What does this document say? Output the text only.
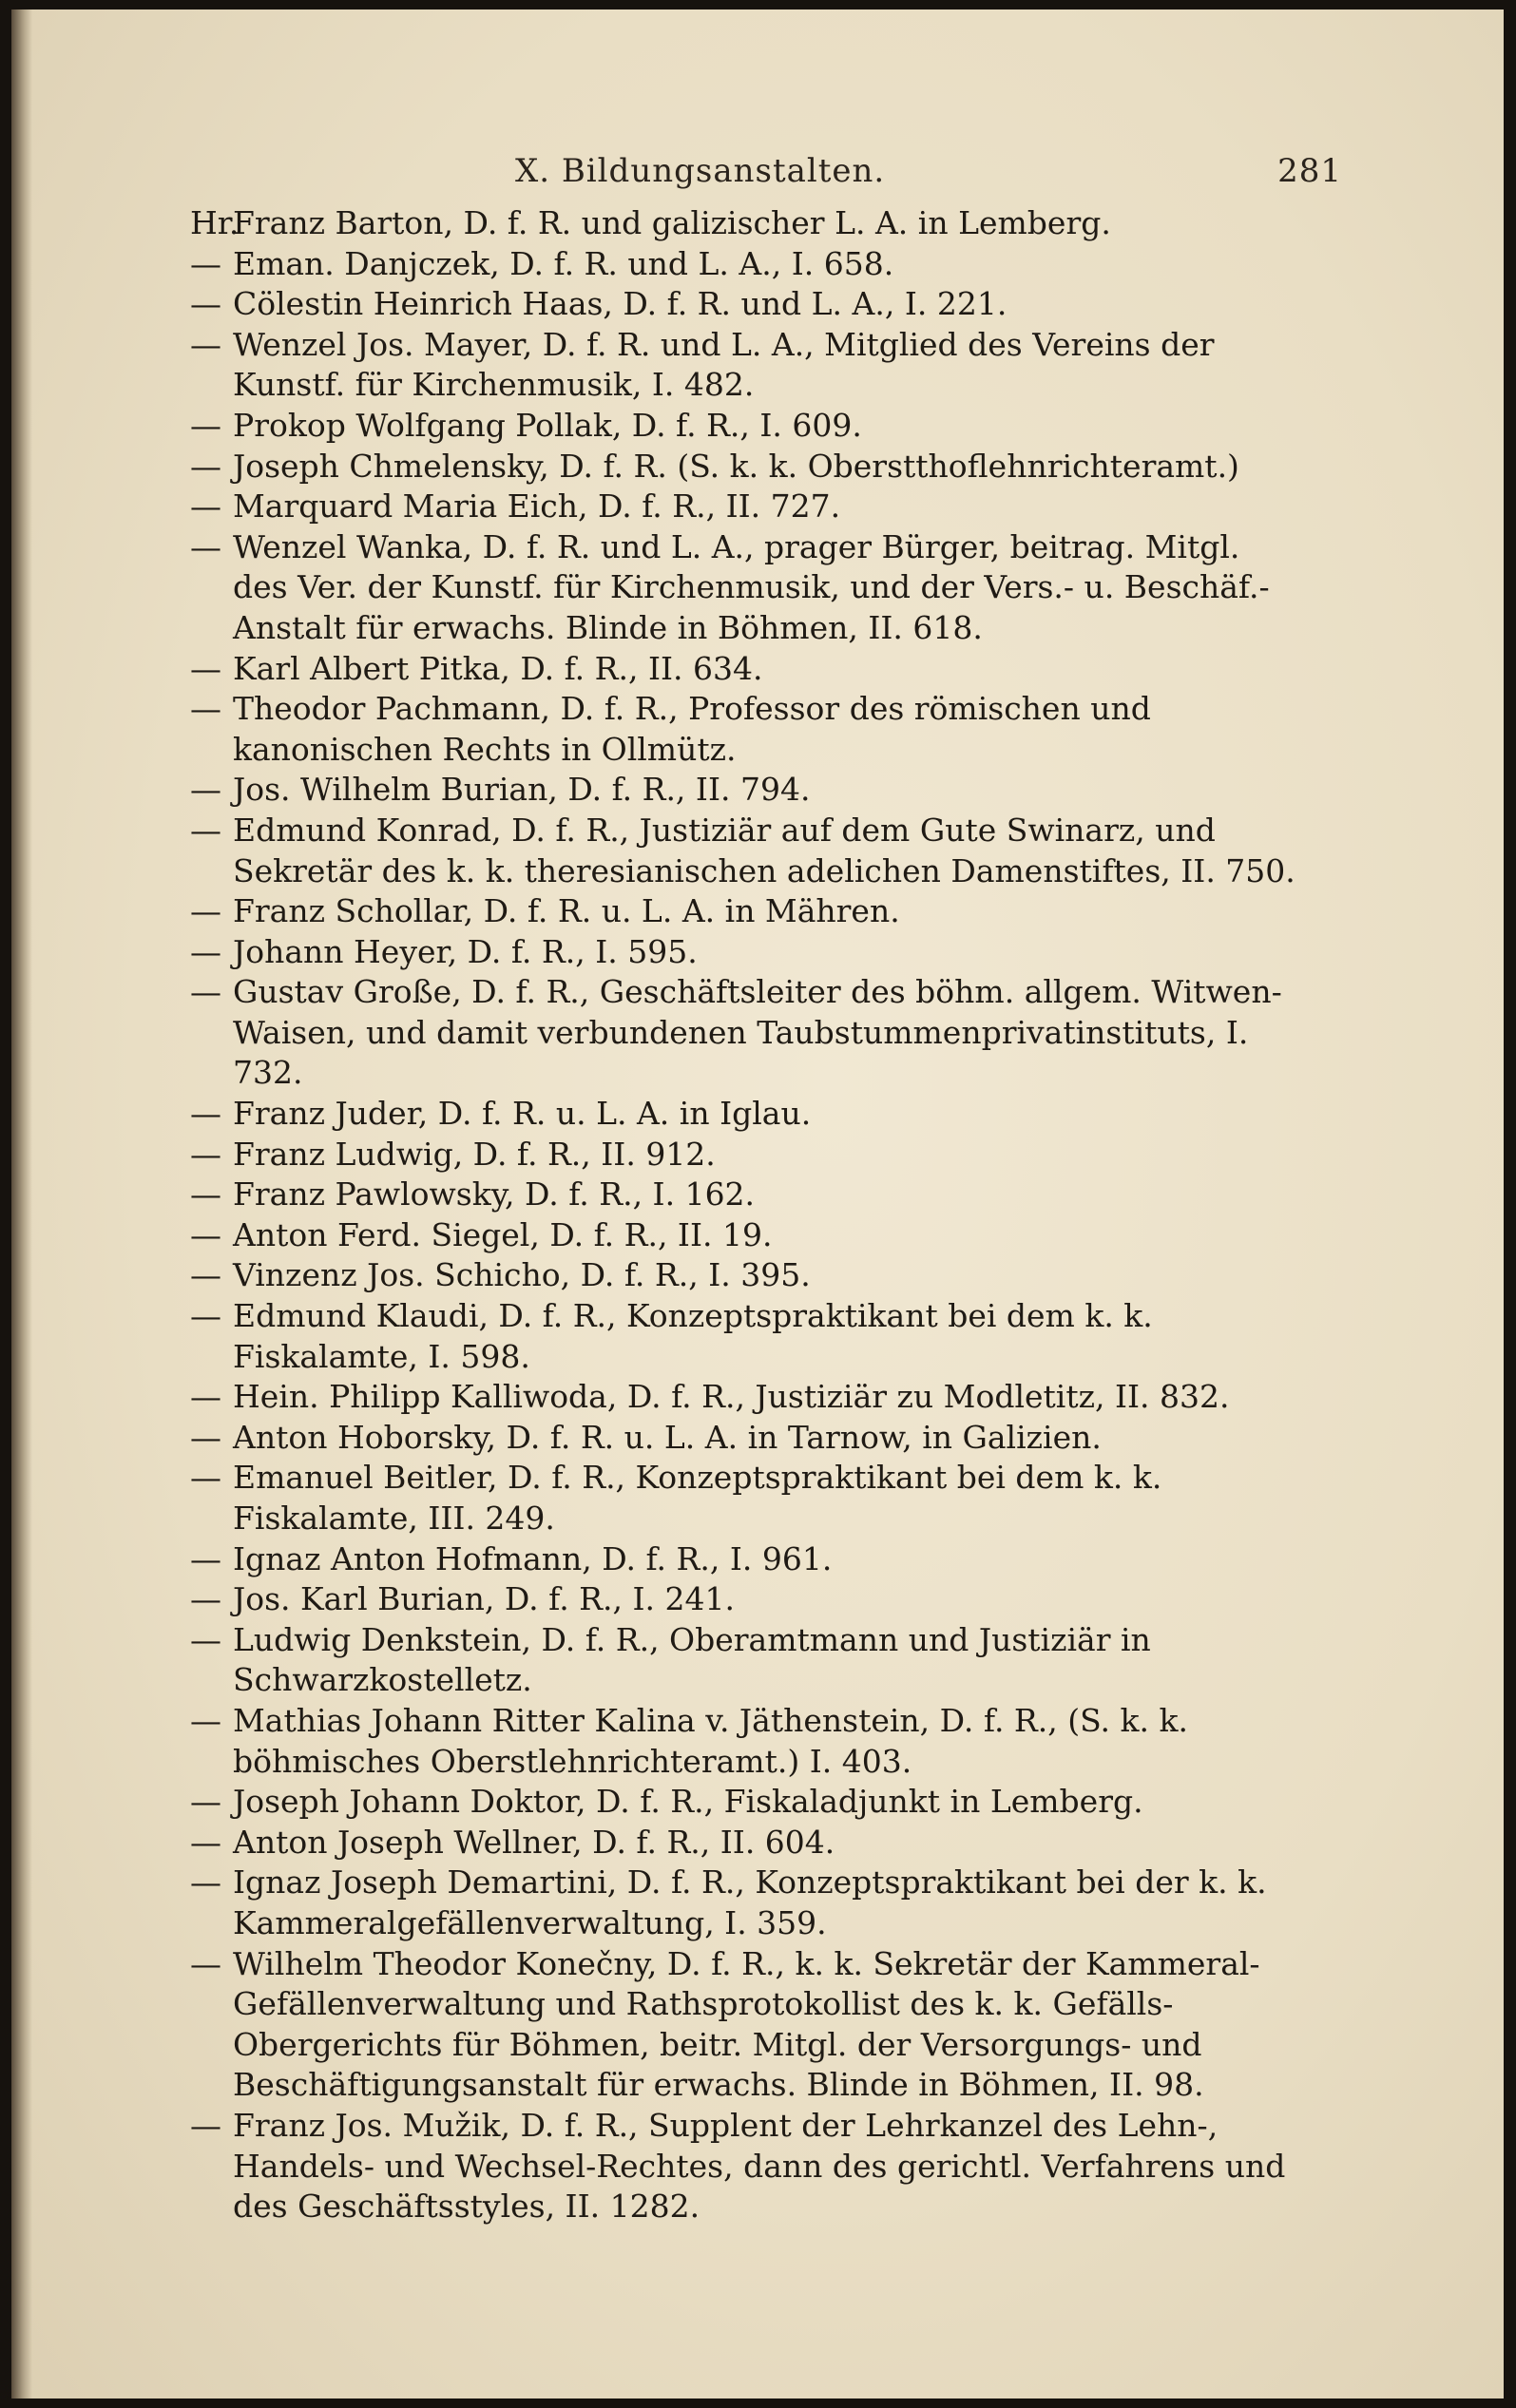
X. Bildungsanstalten.	281
Hr.Franz Barton, D. f. R. und galizischer L. A. in Lemberg.
— Eman. Danjczek, D. f. R. und L. A., I. 658.
— Cölestin Heinrich Haas, D. f. R. und L. A., I. 221.
— Wenzel Jos. Mayer, D. f. R. und L. A., Mitglied des Vereins der Kunstf. für Kirchenmusik, I. 482.
— Prokop Wolfgang Pollak, D. f. R., I. 609.
— Joseph Chmelensky, D. f. R. (S. k. k. Oberstthoflehnrichteramt.)
— Marquard Maria Eich, D. f. R., II. 727.
— Wenzel Wanka, D. f. R. und L. A., prager Bürger, beitrag. Mitgl. des Ver. der Kunstf. für Kirchenmusik, und der Vers.- u. Beschäf.-Anstalt für erwachs. Blinde in Böhmen, II. 618.
— Karl Albert Pitka, D. f. R., II. 634.
— Theodor Pachmann, D. f. R., Professor des römischen und kanonischen Rechts in Ollmütz.
— Jos. Wilhelm Burian, D. f. R., II. 794.
— Edmund Konrad, D. f. R., Justiziär auf dem Gute Swinarz, und Sekretär des k. k. theresianischen adelichen Damenstiftes, II. 750.
— Franz Schollar, D. f. R. u. L. A. in Mähren.
— Johann Heyer, D. f. R., I. 595.
— Gustav Große, D. f. R., Geschäftsleiter des böhm. allgem. Witwen- Waisen, und damit verbundenen Taubstummenprivatinstituts, I. 732.
— Franz Juder, D. f. R. u. L. A. in Iglau.
— Franz Ludwig, D. f. R., II. 912.
— Franz Pawlowsky, D. f. R., I. 162.
— Anton Ferd. Siegel, D. f. R., II. 19.
— Vinzenz Jos. Schicho, D. f. R., I. 395.
— Edmund Klaudi, D. f. R., Konzeptspraktikant bei dem k. k. Fiskalamte, I. 598.
— Hein. Philipp Kalliwoda, D. f. R., Justiziär zu Modletitz, II. 832.
— Anton Hoborsky, D. f. R. u. L. A. in Tarnow, in Galizien.
— Emanuel Beitler, D. f. R., Konzeptspraktikant bei dem k. k. Fiskalamte, III. 249.
— Ignaz Anton Hofmann, D. f. R., I. 961.
— Jos. Karl Burian, D. f. R., I. 241.
— Ludwig Denkstein, D. f. R., Oberamtmann und Justiziär in Schwarzkostelletz.
— Mathias Johann Ritter Kalina v. Jäthenstein, D. f. R., (S. k. k. böhmisches Oberstlehnrichteramt.) I. 403.
— Joseph Johann Doktor, D. f. R., Fiskaladjunkt in Lemberg.
— Anton Joseph Wellner, D. f. R., II. 604.
— Ignaz Joseph Demartini, D. f. R., Konzeptspraktikant bei der k. k. Kammeralgefällenverwaltung, I. 359.
— Wilhelm Theodor Konečny, D. f. R., k. k. Sekretär der Kammeral-Gefällenverwaltung und Rathsprotokollist des k. k. Gefälls-Obergerichts für Böhmen, beitr. Mitgl. der Versorgungs- und Beschäftigungsanstalt für erwachs. Blinde in Böhmen, II. 98.
— Franz Jos. Mužik, D. f. R., Supplent der Lehrkanzel des Lehn-, Handels- und Wechsel-Rechtes, dann des gerichtl. Verfahrens und des Geschäftsstyles, II. 1282.
